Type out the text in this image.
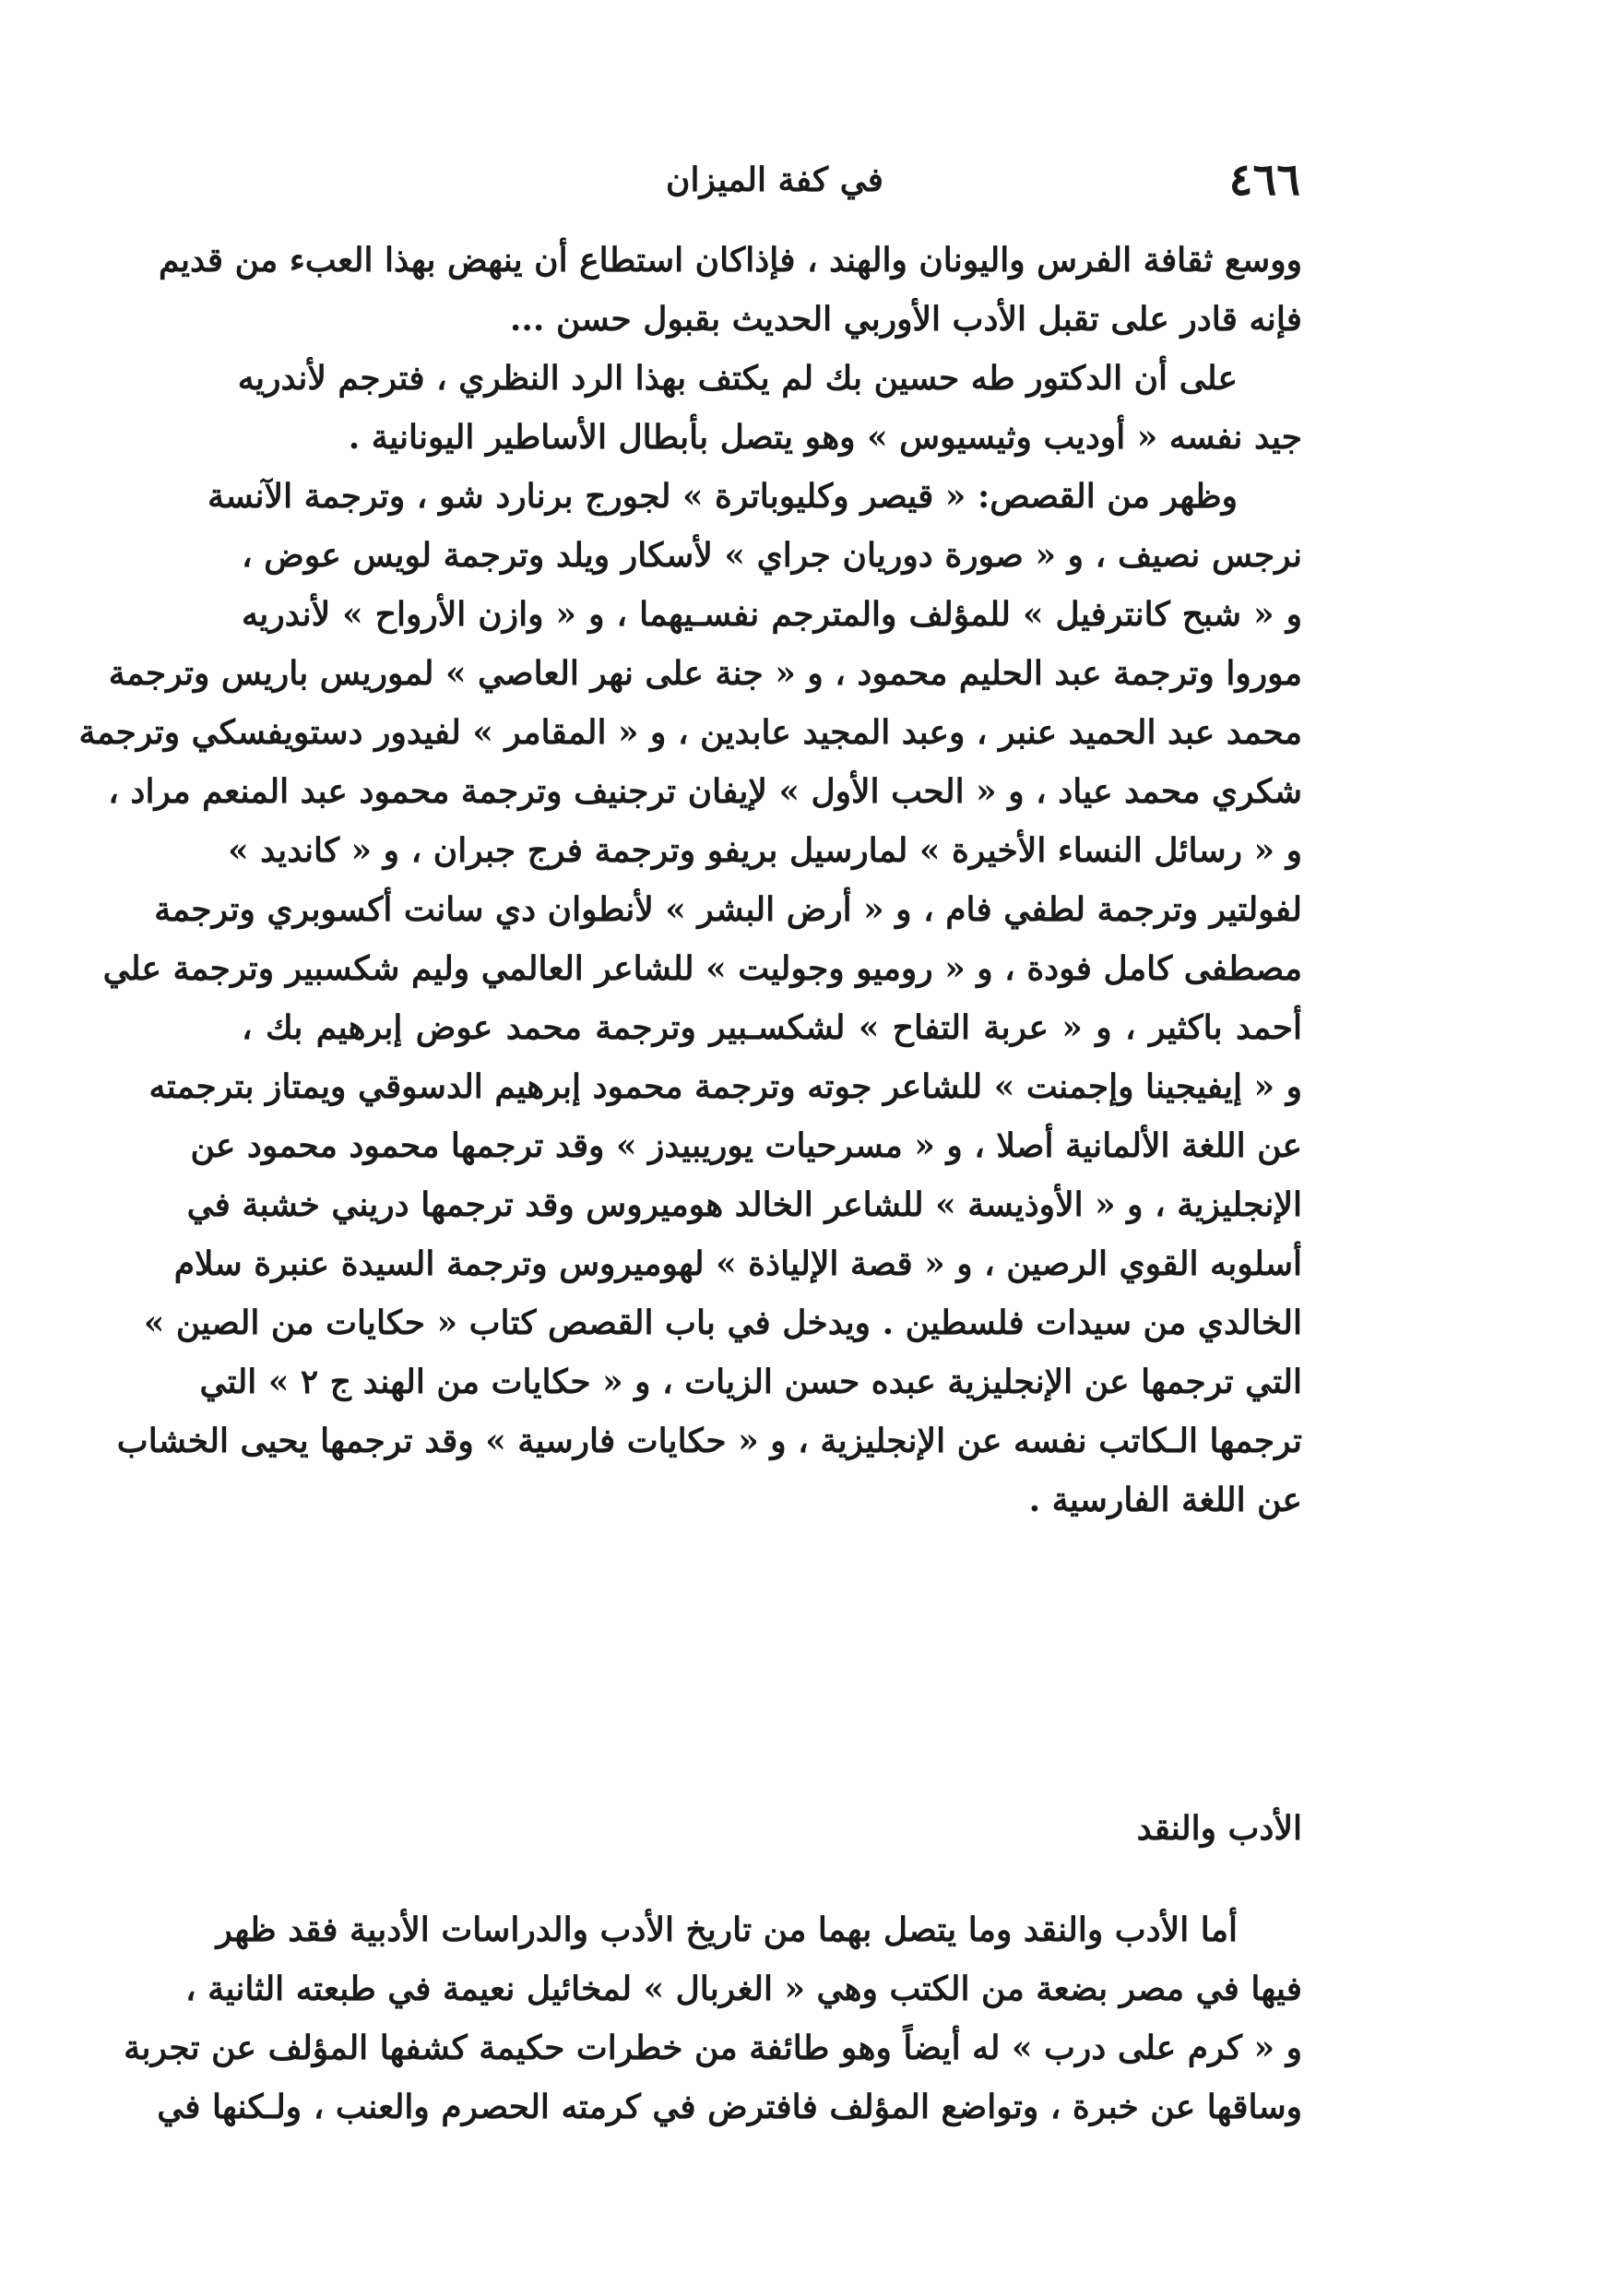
٤٦٦
في كفة الميزان
ووسع ثقافة الفرس واليونان والهند ، فإذاكان استطاع أن ينهض بهذا العبء من قديم
فإنه قادر على تقبل الأدب الأوربي الحديث بقبول حسن ...
على أن الدكتور طه حسين بك لم يكتف بهذا الرد النظري ، فترجم لأندريه
جيد نفسه « أوديب وثيسيوس » وهو يتصل بأبطال الأساطير اليونانية .
وظهر من القصص: « قيصر وكليوباترة » لجورج برنارد شو ، وترجمة الآنسة
نرجس نصيف ، و « صورة دوريان جراي » لأسكار ويلد وترجمة لويس عوض ،
و « شبح كانترفيل » للمؤلف والمترجم نفسـيهما ، و « وازن الأرواح » لأندريه
موروا وترجمة عبد الحليم محمود ، و « جنة على نهر العاصي » لموريس باريس وترجمة
محمد عبد الحميد عنبر ، وعبد المجيد عابدين ، و « المقامر » لفيدور دستويفسكي وترجمة
شكري محمد عياد ، و « الحب الأول » لإيفان ترجنيف وترجمة محمود عبد المنعم مراد ،
و « رسائل النساء الأخيرة » لمارسيل بريفو وترجمة فرج جبران ، و « كانديد »
لفولتير وترجمة لطفي فام ، و « أرض البشر » لأنطوان دي سانت أكسوبري وترجمة
مصطفى كامل فودة ، و « روميو وجوليت » للشاعر العالمي وليم شكسبير وترجمة علي
أحمد باكثير ، و « عربة التفاح » لشكسـبير وترجمة محمد عوض إبرهيم بك ،
و « إيفيجينا وإجمنت » للشاعر جوته وترجمة محمود إبرهيم الدسوقي ويمتاز بترجمته
عن اللغة الألمانية أصلا ، و « مسرحيات يوريبيدز » وقد ترجمها محمود محمود عن
الإنجليزية ، و « الأوذيسة » للشاعر الخالد هوميروس وقد ترجمها دريني خشبة في
أسلوبه القوي الرصين ، و « قصة الإلياذة » لهوميروس وترجمة السيدة عنبرة سلام
الخالدي من سيدات فلسطين . ويدخل في باب القصص كتاب « حكايات من الصين »
التي ترجمها عن الإنجليزية عبده حسن الزيات ، و « حكايات من الهند ج ٢ » التي
ترجمها الـكاتب نفسه عن الإنجليزية ، و « حكايات فارسية » وقد ترجمها يحيى الخشاب
عن اللغة الفارسية .
الأدب والنقد
أما الأدب والنقد وما يتصل بهما من تاريخ الأدب والدراسات الأدبية فقد ظهر
فيها في مصر بضعة من الكتب وهي « الغربال » لمخائيل نعيمة في طبعته الثانية ،
و « كرم على درب » له أيضاً وهو طائفة من خطرات حكيمة كشفها المؤلف عن تجربة
وساقها عن خبرة ، وتواضع المؤلف فافترض في كرمته الحصرم والعنب ، ولـكنها في
